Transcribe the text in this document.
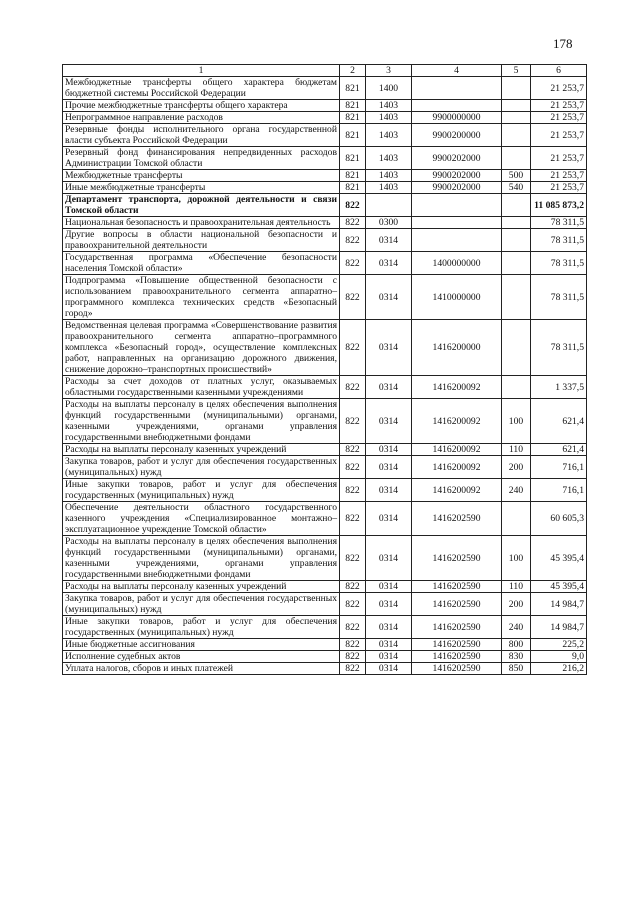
178
1	2	3	4	5	6
Межбюджетные трансферты общего характера бюджетам бюджетной системы Российской Федерации	821	1400			21 253,7
Прочие межбюджетные трансферты общего характера	821	1403			21 253,7
Непрограммное направление расходов	821	1403	9900000000		21 253,7
Резервные фонды исполнительного органа государственной власти субъекта Российской Федерации	821	1403	9900200000		21 253,7
Резервный фонд финансирования непредвиденных расходов Администрации Томской области	821	1403	9900202000		21 253,7
Межбюджетные трансферты	821	1403	9900202000	500	21 253,7
Иные межбюджетные трансферты	821	1403	9900202000	540	21 253,7
Департамент транспорта, дорожной деятельности и связи Томской области	822				11 085 873,2
Национальная безопасность и правоохранительная деятельность	822	0300			78 311,5
Другие вопросы в области национальной безопасности и правоохранительной деятельности	822	0314			78 311,5
Государственная программа «Обеспечение безопасности населения Томской области»	822	0314	1400000000		78 311,5
Подпрограмма «Повышение общественной безопасности с использованием правоохранительного сегмента аппаратно–программного комплекса технических средств «Безопасный город»	822	0314	1410000000		78 311,5
Ведомственная целевая программа «Совершенствование развития правоохранительного сегмента аппаратно–программного комплекса «Безопасный город», осуществление комплексных работ, направленных на организацию дорожного движения, снижение дорожно–транспортных происшествий»	822	0314	1416200000		78 311,5
Расходы за счет доходов от платных услуг, оказываемых областными государственными казенными учреждениями	822	0314	1416200092		1 337,5
Расходы на выплаты персоналу в целях обеспечения выполнения функций государственными (муниципальными) органами, казенными учреждениями, органами управления государственными внебюджетными фондами	822	0314	1416200092	100	621,4
Расходы на выплаты персоналу казенных учреждений	822	0314	1416200092	110	621,4
Закупка товаров, работ и услуг для обеспечения государственных (муниципальных) нужд	822	0314	1416200092	200	716,1
Иные закупки товаров, работ и услуг для обеспечения государственных (муниципальных) нужд	822	0314	1416200092	240	716,1
Обеспечение деятельности областного государственного казенного учреждения «Специализированное монтажно–эксплуатационное учреждение Томской области»	822	0314	1416202590		60 605,3
Расходы на выплаты персоналу в целях обеспечения выполнения функций государственными (муниципальными) органами, казенными учреждениями, органами управления государственными внебюджетными фондами	822	0314	1416202590	100	45 395,4
Расходы на выплаты персоналу казенных учреждений	822	0314	1416202590	110	45 395,4
Закупка товаров, работ и услуг для обеспечения государственных (муниципальных) нужд	822	0314	1416202590	200	14 984,7
Иные закупки товаров, работ и услуг для обеспечения государственных (муниципальных) нужд	822	0314	1416202590	240	14 984,7
Иные бюджетные ассигнования	822	0314	1416202590	800	225,2
Исполнение судебных актов	822	0314	1416202590	830	9,0
Уплата налогов, сборов и иных платежей	822	0314	1416202590	850	216,2
